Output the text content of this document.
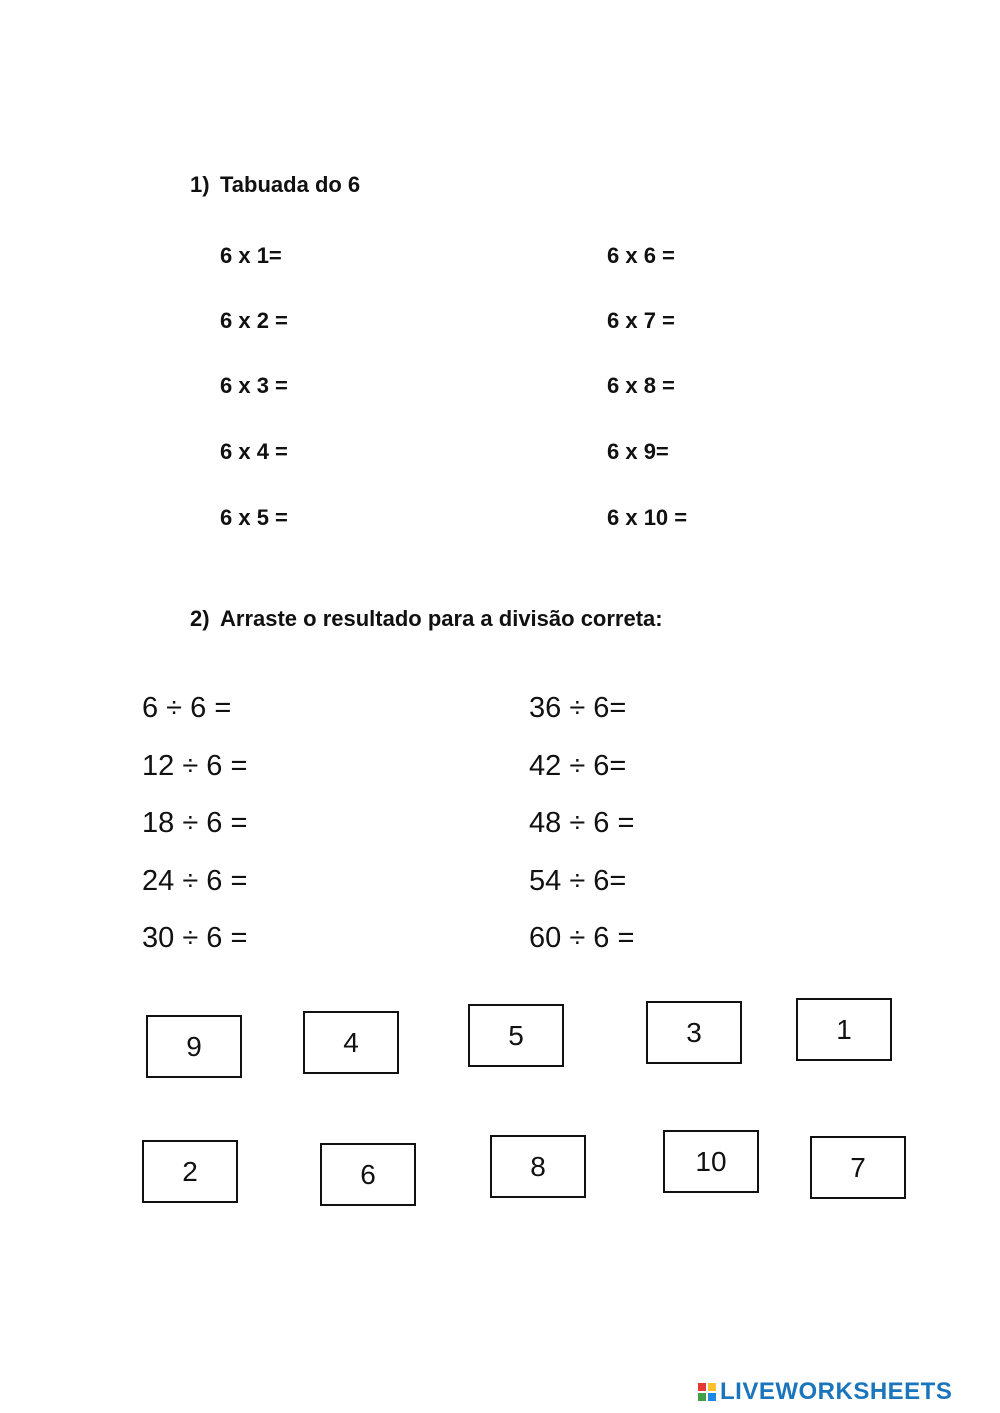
1) Tabuada do 6
6 x 1=
6 x 2 =
6 x 3 =
6 x 4 =
6 x 5 =
6 x 6 =
6 x 7 =
6 x 8 =
6 x 9=
6 x 10 =
2) Arraste o resultado para a divisão correta:
6 ÷ 6 =
12 ÷ 6 =
18 ÷ 6 =
24 ÷ 6 =
30 ÷ 6 =
36 ÷ 6=
42 ÷ 6=
48 ÷ 6 =
54 ÷ 6=
60 ÷ 6 =
9	4	5	3	1
2	6	8	10	7
LIVEWORKSHEETS
